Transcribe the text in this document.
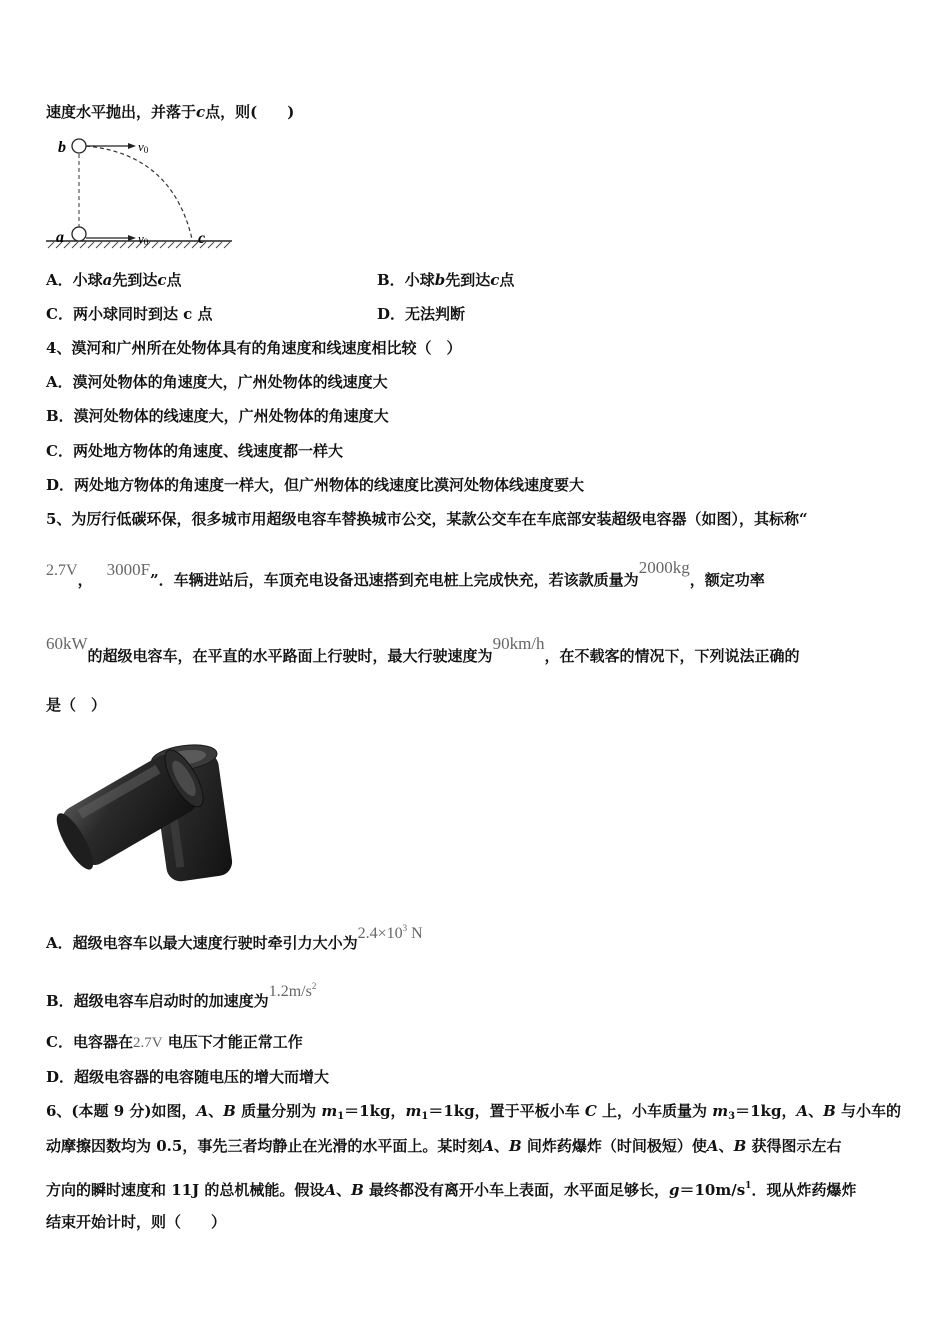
速度水平抛出，并落于c点，则(　　)
b
a	c
v0
v0
A．小球a先到达c点	B．小球b先到达c点
C．两小球同时到达 c 点	D．无法判断
4、漠河和广州所在处物体具有的角速度和线速度相比较（　）
A．漠河处物体的角速度大，广州处物体的线速度大
B．漠河处物体的线速度大，广州处物体的角速度大
C．两处地方物体的角速度、线速度都一样大
D．两处地方物体的角速度一样大，但广州物体的线速度比漠河处物体线速度要大
5、为厉行低碳环保，很多城市用超级电容车替换城市公交，某款公交车在车底部安装超级电容器（如图），其标称“
2.7V，3000F”．车辆进站后，车顶充电设备迅速搭到充电桩上完成快充，若该款质量为2000kg，额定功率
60kW的超级电容车，在平直的水平路面上行驶时，最大行驶速度为90km/h，在不载客的情况下，下列说法正确的
是（　）
A．超级电容车以最大速度行驶时牵引力大小为$2.4\times 10^3$ N
B．超级电容车启动时的加速度为$1.2m/s^2$
C．电容器在2.7V 电压下才能正常工作
D．超级电容器的电容随电压的增大而增大
6、(本题 9 分)如图，A、B 质量分别为 $m_1=1kg$，$m_1=1kg$，置于平板小车 C 上，小车质量为 $m_3=1kg$，A、B 与小车的
动摩擦因数均为 0.5，事先三者均静止在光滑的水平面上。某时刻A、B 间炸药爆炸（时间极短）使A、B 获得图示左右
方向的瞬时速度和 11J 的总机械能。假设A、B 最终都没有离开小车上表面，水平面足够长，$g=10m/s^1$．现从炸药爆炸
结束开始计时，则（　　）
